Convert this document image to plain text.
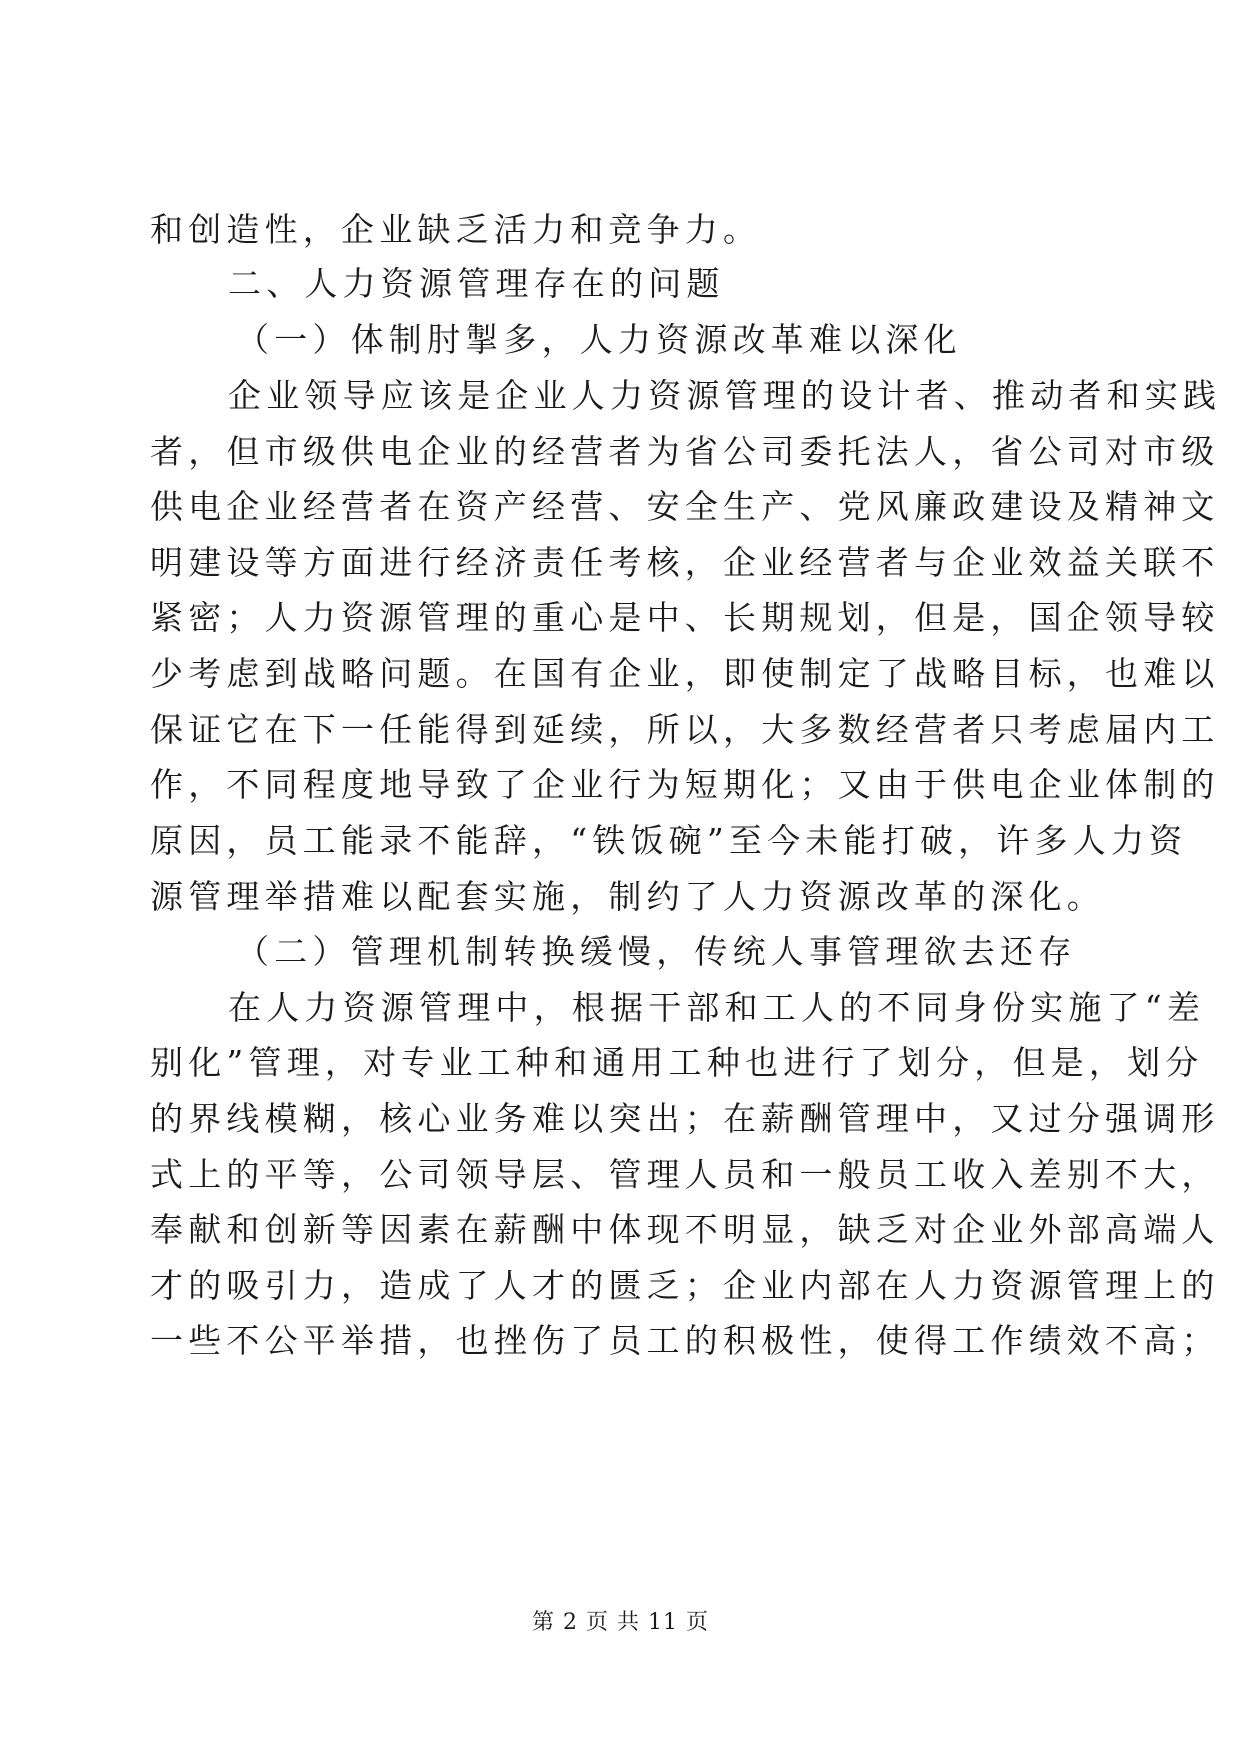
和创造性，企业缺乏活力和竞争力。
二、人力资源管理存在的问题
（一）体制肘掣多，人力资源改革难以深化
企业领导应该是企业人力资源管理的设计者、推动者和实践
者，但市级供电企业的经营者为省公司委托法人，省公司对市级
供电企业经营者在资产经营、安全生产、党风廉政建设及精神文
明建设等方面进行经济责任考核，企业经营者与企业效益关联不
紧密；人力资源管理的重心是中、长期规划，但是，国企领导较
少考虑到战略问题。在国有企业，即使制定了战略目标，也难以
保证它在下一任能得到延续，所以，大多数经营者只考虑届内工
作，不同程度地导致了企业行为短期化；又由于供电企业体制的
原因，员工能录不能辞，“铁饭碗”至今未能打破，许多人力资
源管理举措难以配套实施，制约了人力资源改革的深化。
（二）管理机制转换缓慢，传统人事管理欲去还存
在人力资源管理中，根据干部和工人的不同身份实施了“差
别化”管理，对专业工种和通用工种也进行了划分，但是，划分
的界线模糊，核心业务难以突出；在薪酬管理中，又过分强调形
式上的平等，公司领导层、管理人员和一般员工收入差别不大，
奉献和创新等因素在薪酬中体现不明显，缺乏对企业外部高端人
才的吸引力，造成了人才的匮乏；企业内部在人力资源管理上的
一些不公平举措，也挫伤了员工的积极性，使得工作绩效不高；
第 2 页 共 11 页
